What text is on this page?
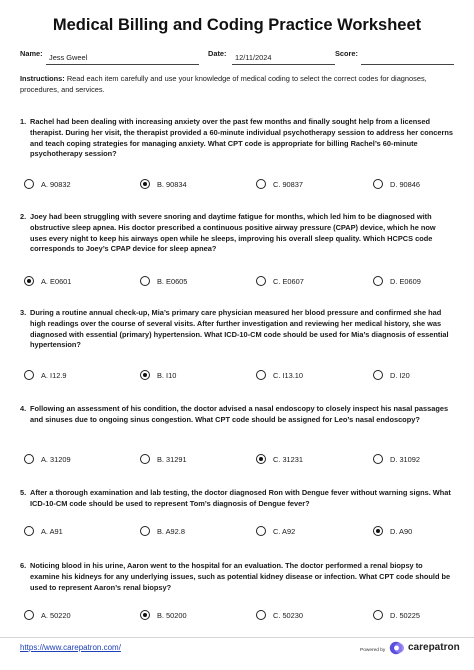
Medical Billing and Coding Practice Worksheet
Name: Jess Gweel	Date:	12/11/2024	Score:
Instructions: Read each item carefully and use your knowledge of medical coding to select the correct codes for diagnoses, procedures, and services.
1. Rachel had been dealing with increasing anxiety over the past few months and finally sought help from a licensed therapist. During her visit, the therapist provided a 60-minute individual psychotherapy session to address her concerns and teach coping strategies for managing anxiety. What CPT code is appropriate for billing Rachel’s 60-minute psychotherapy session?
A. 90832	B. 90834	C. 90837	D. 90846
2. Joey had been struggling with severe snoring and daytime fatigue for months, which led him to be diagnosed with obstructive sleep apnea. His doctor prescribed a continuous positive airway pressure (CPAP) device, which he now uses every night to keep his airways open while he sleeps, improving his overall sleep quality. Which HCPCS code corresponds to Joey’s CPAP device for sleep apnea?
A. E0601	B. E0605	C. E0607	D. E0609
3. During a routine annual check-up, Mia’s primary care physician measured her blood pressure and confirmed she had high readings over the course of several visits. After further investigation and reviewing her medical history, she was diagnosed with essential (primary) hypertension. What ICD-10-CM code should be used for Mia’s diagnosis of essential hypertension?
A. I12.9	B. I10	C. I13.10	D. I20
4. Following an assessment of his condition, the doctor advised a nasal endoscopy to closely inspect his nasal passages and sinuses due to ongoing sinus congestion. What CPT code should be assigned for Leo’s nasal endoscopy?
A. 31209	B. 31291	C. 31231	D. 31092
5. After a thorough examination and lab testing, the doctor diagnosed Ron with Dengue fever without warning signs. What ICD-10-CM code should be used to represent Tom’s diagnosis of Dengue fever?
A. A91	B. A92.8	C. A92	D. A90
6. Noticing blood in his urine, Aaron went to the hospital for an evaluation. The doctor performed a renal biopsy to examine his kidneys for any underlying issues, such as potential kidney disease or infection. What CPT code should be used to represent Aaron’s renal biopsy?
A. 50220	B. 50200	C. 50230	D. 50225
https://www.carepatron.com/	Powered by carepatron
